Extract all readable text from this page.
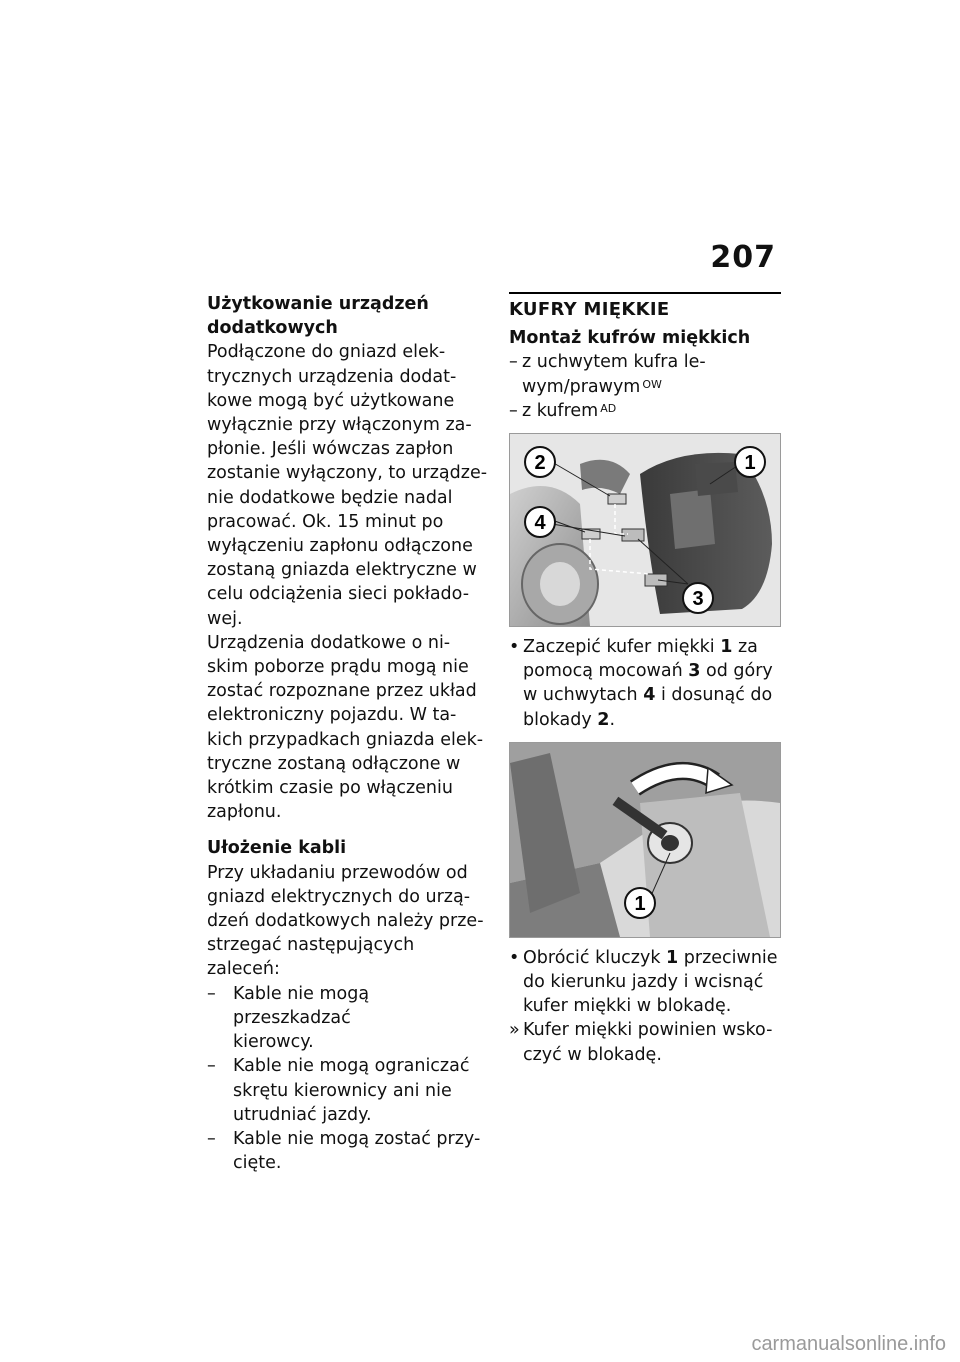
207
Użytkowanie urządzeń
dodatkowych
Podłączone do gniazd elek-
trycznych urządzenia dodat-
kowe mogą być użytkowane
wyłącznie przy włączonym za-
płonie. Jeśli wówczas zapłon
zostanie wyłączony, to urządze-
nie dodatkowe będzie nadal
pracować. Ok. 15 minut po
wyłączeniu zapłonu odłączone
zostaną gniazda elektryczne w
celu odciążenia sieci pokłado-
wej.
Urządzenia dodatkowe o ni-
skim poborze prądu mogą nie
zostać rozpoznane przez układ
elektroniczny pojazdu. W ta-
kich przypadkach gniazda elek-
tryczne zostaną odłączone w
krótkim czasie po włączeniu
zapłonu.
Ułożenie kabli
Przy układaniu przewodów od
gniazd elektrycznych do urzą-
dzeń dodatkowych należy prze-
strzegać następujących zaleceń:
– Kable nie mogą przeszkadzać
kierowcy.
– Kable nie mogą ograniczać
skrętu kierownicy ani nie
utrudniać jazdy.
– Kable nie mogą zostać przy-
cięte.
KUFRY MIĘKKIE
Montaż kufrów miękkich
– z uchwytem kufra le-
wym/prawym $^{OW}$
– z kufrem $^{AD}$
2	1
4
3
• Zaczepić kufer miękki 1 za
pomocą mocowań 3 od góry
w uchwytach 4 i dosunąć do
blokady 2.
1
• Obrócić kluczyk 1 przeciwnie
do kierunku jazdy i wcisnąć
kufer miękki w blokadę.
» Kufer miękki powinien wsko-
czyć w blokadę.
carmanualsonline.info
